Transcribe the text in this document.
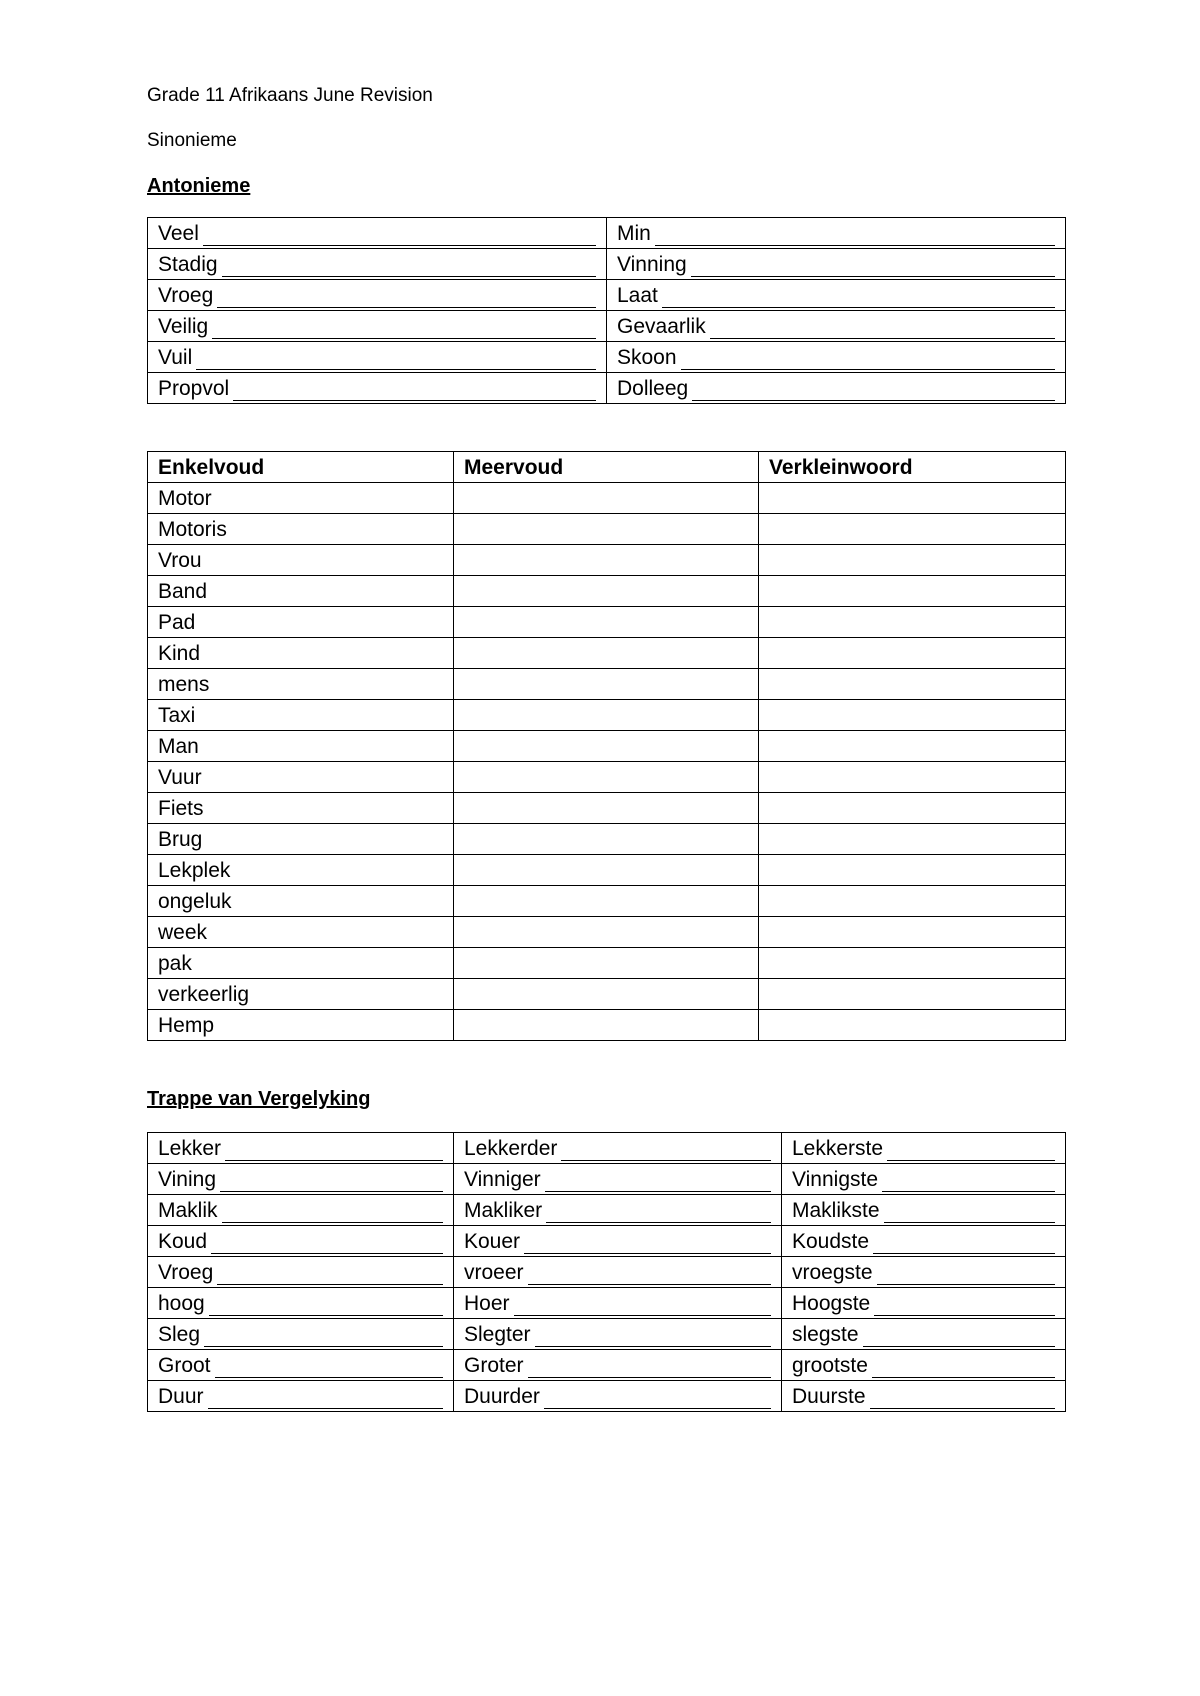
Grade 11 Afrikaans June Revision
Sinonieme
Antonieme
Veel	Min

Stadig	Vinning

Vroeg	Laat

Veilig	Gevaarlik

Vuil	Skoon

Propvol	Dolleeg
Enkelvoud	Meervoud	Verkleinwoord
Motor		
Motoris		
Vrou		
Band		
Pad		
Kind		
mens		
Taxi		
Man		
Vuur		
Fiets		
Brug		
Lekplek		
ongeluk		
week		
pak		
verkeerlig		
Hemp		
Trappe van Vergelyking
Lekker	Lekkerder	Lekkerste

Vining	Vinniger	Vinnigste

Maklik	Makliker	Maklikste

Koud	Kouer	Koudste

Vroeg	vroeer	vroegste

hoog	Hoer	Hoogste

Sleg	Slegter	slegste

Groot	Groter	grootste

Duur	Duurder	Duurste
